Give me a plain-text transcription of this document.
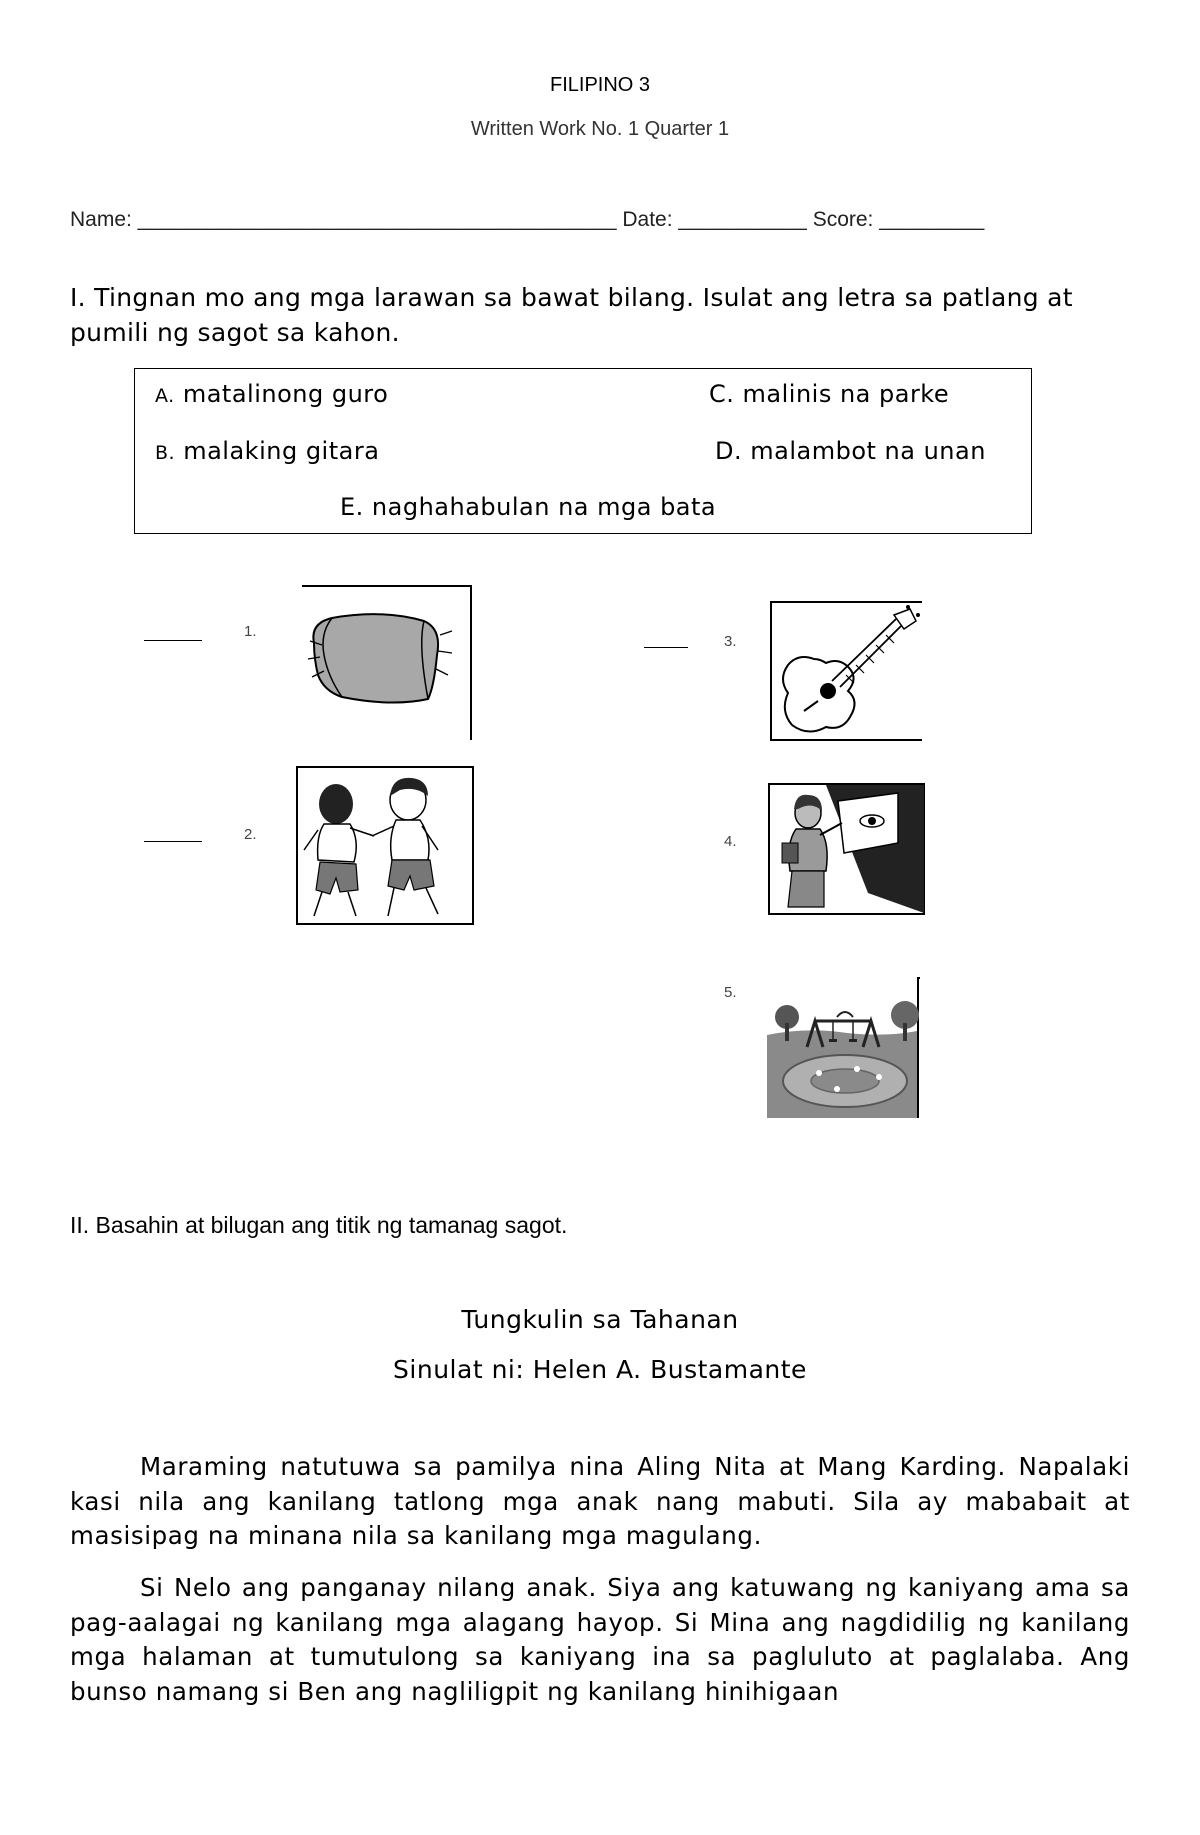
FILIPINO 3
Written Work No. 1 Quarter 1
Name: _________________________________________ Date: ___________ Score: _________
I. Tingnan mo ang mga larawan sa bawat bilang. Isulat ang letra sa patlang at pumili ng sagot sa kahon.
A. matalinong guro
B. malaking gitara
C. malinis na parke
D. malambot na unan
E. naghahabulan na mga bata
1.
2.
3.
4.
5.
II. Basahin at bilugan ang titik ng tamanag sagot.
Tungkulin sa Tahanan
Sinulat ni: Helen A. Bustamante
Maraming natutuwa sa pamilya nina Aling Nita at Mang Karding. Napalaki kasi nila ang kanilang tatlong mga anak nang mabuti. Sila ay mababait at masisipag na minana nila sa kanilang mga magulang.
Si Nelo ang panganay nilang anak. Siya ang katuwang ng kaniyang ama sa pag-aalagai ng kanilang mga alagang hayop. Si Mina ang nagdidilig ng kanilang mga halaman at tumutulong sa kaniyang ina sa pagluluto at paglalaba. Ang bunso namang si Ben ang nagliligpit ng kanilang hinihigaan
